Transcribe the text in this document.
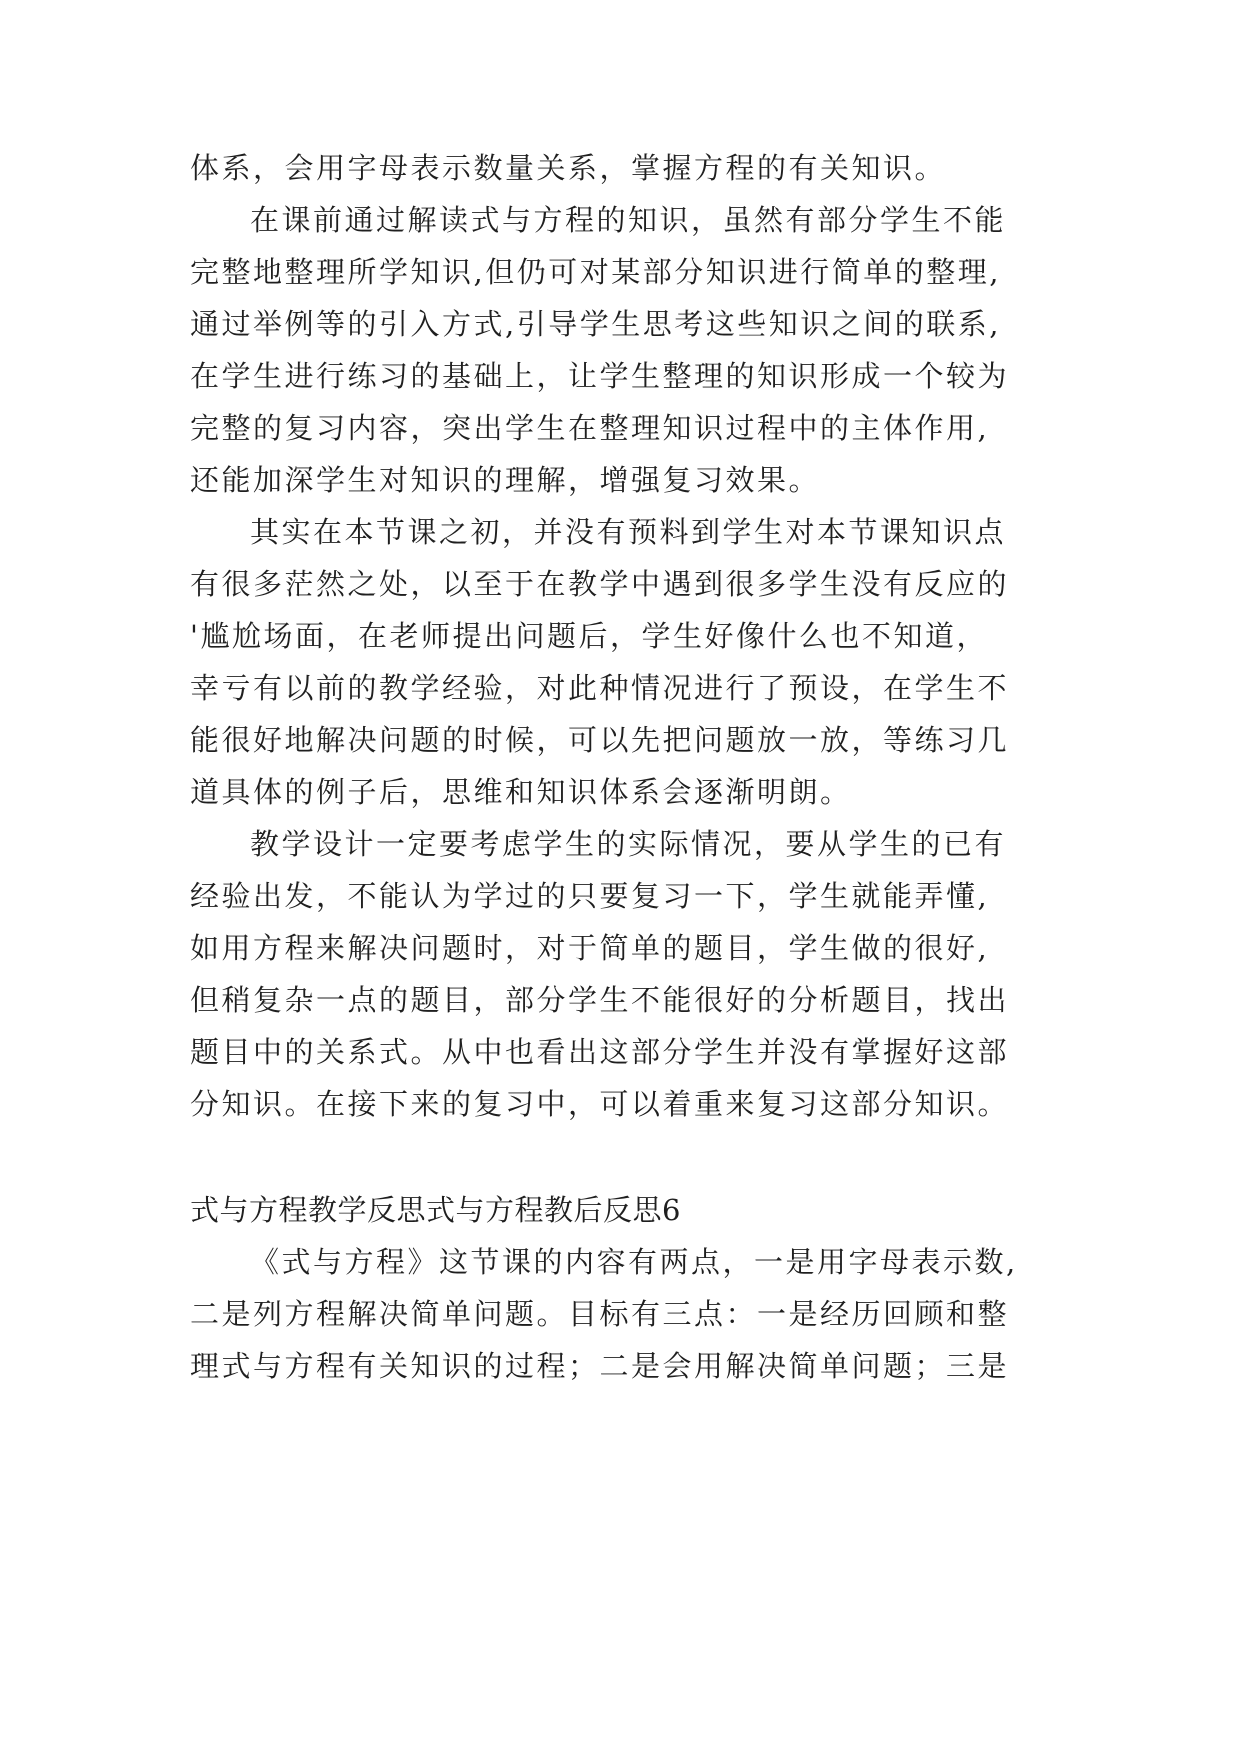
体系，会用字母表示数量关系，掌握方程的有关知识。
在课前通过解读式与方程的知识，虽然有部分学生不能
完整地整理所学知识,但仍可对某部分知识进行简单的整理,
通过举例等的引入方式,引导学生思考这些知识之间的联系,
在学生进行练习的基础上，让学生整理的知识形成一个较为
完整的复习内容，突出学生在整理知识过程中的主体作用,
还能加深学生对知识的理解，增强复习效果。
其实在本节课之初，并没有预料到学生对本节课知识点
有很多茫然之处，以至于在教学中遇到很多学生没有反应的
'尴尬场面，在老师提出问题后，学生好像什么也不知道，
幸亏有以前的教学经验，对此种情况进行了预设，在学生不
能很好地解决问题的时候，可以先把问题放一放，等练习几
道具体的例子后，思维和知识体系会逐渐明朗。
教学设计一定要考虑学生的实际情况，要从学生的已有
经验出发，不能认为学过的只要复习一下，学生就能弄懂,
如用方程来解决问题时，对于简单的题目，学生做的很好,
但稍复杂一点的题目，部分学生不能很好的分析题目，找出
题目中的关系式。从中也看出这部分学生并没有掌握好这部
分知识。在接下来的复习中，可以着重来复习这部分知识。
式与方程教学反思式与方程教后反思6
《式与方程》这节课的内容有两点，一是用字母表示数,
二是列方程解决简单问题。目标有三点：一是经历回顾和整
理式与方程有关知识的过程；二是会用解决简单问题；三是
